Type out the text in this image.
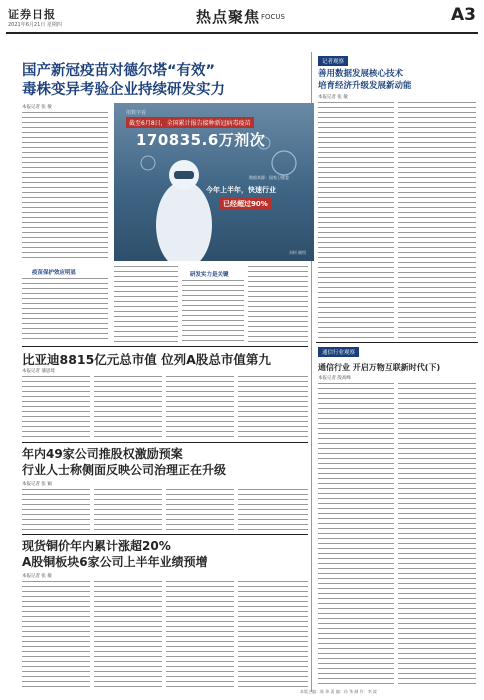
证券日报
2021年6月21日 星期四	热点聚焦 FOCUS	A3
国产新冠疫苗对德尔塔“有效”
毒株变异考验企业持续研发实力
本报记者 张 敏
疫苗保护效应明显
用数字看
截至6月8日，全国累计报告接种新冠病毒疫苗
170835.6万剂次
数据来源：国家卫健委
今年上半年，快速行业
已经超过90%
刘柯 制图
研发实力是关键
比亚迪8815亿元总市值 位列A股总市值第九
本报记者 蒲思琦
年内49家公司推股权激励预案
行业人士称侧面反映公司治理正在升级
本报记者 张 颖
现货铜价年内累计涨超20%
A股铜板块6家公司上半年业绩预增
本报记者 张 敏
记者观察
善用数据发展核心技术
培育经济升级发展新动能
本报记者 张 敏
通信行业观察
通信行业 开启万物互联新时代(下)
本报记者 殷高峰
本版主编：陈 炜 责 编：孙 华 制 作：李 波
